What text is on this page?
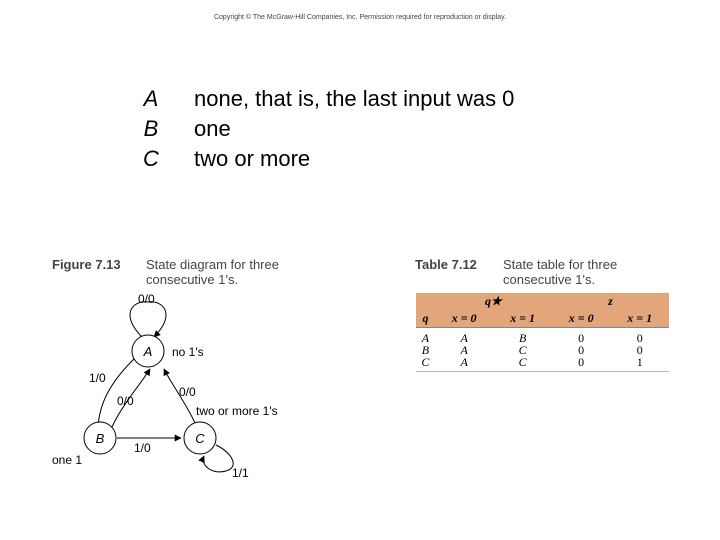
Copyright © The McGraw-Hill Companies, Inc. Permission required for reproduction or display.
A	none, that is, the last input was 0
B	one
C	two or more
Figure 7.13 State diagram for three
consecutive 1's.
A
B	C
0/0
1/0
0/0
0/0
1/0
1/1
no 1's
one 1
two or more 1's
Table 7.12 State table for three
consecutive 1's.
	q★		z	
q	x = 0	x = 1	x = 0	x = 1
A	A	B	0	0
B	A	C	0	0
C	A	C	0	1
